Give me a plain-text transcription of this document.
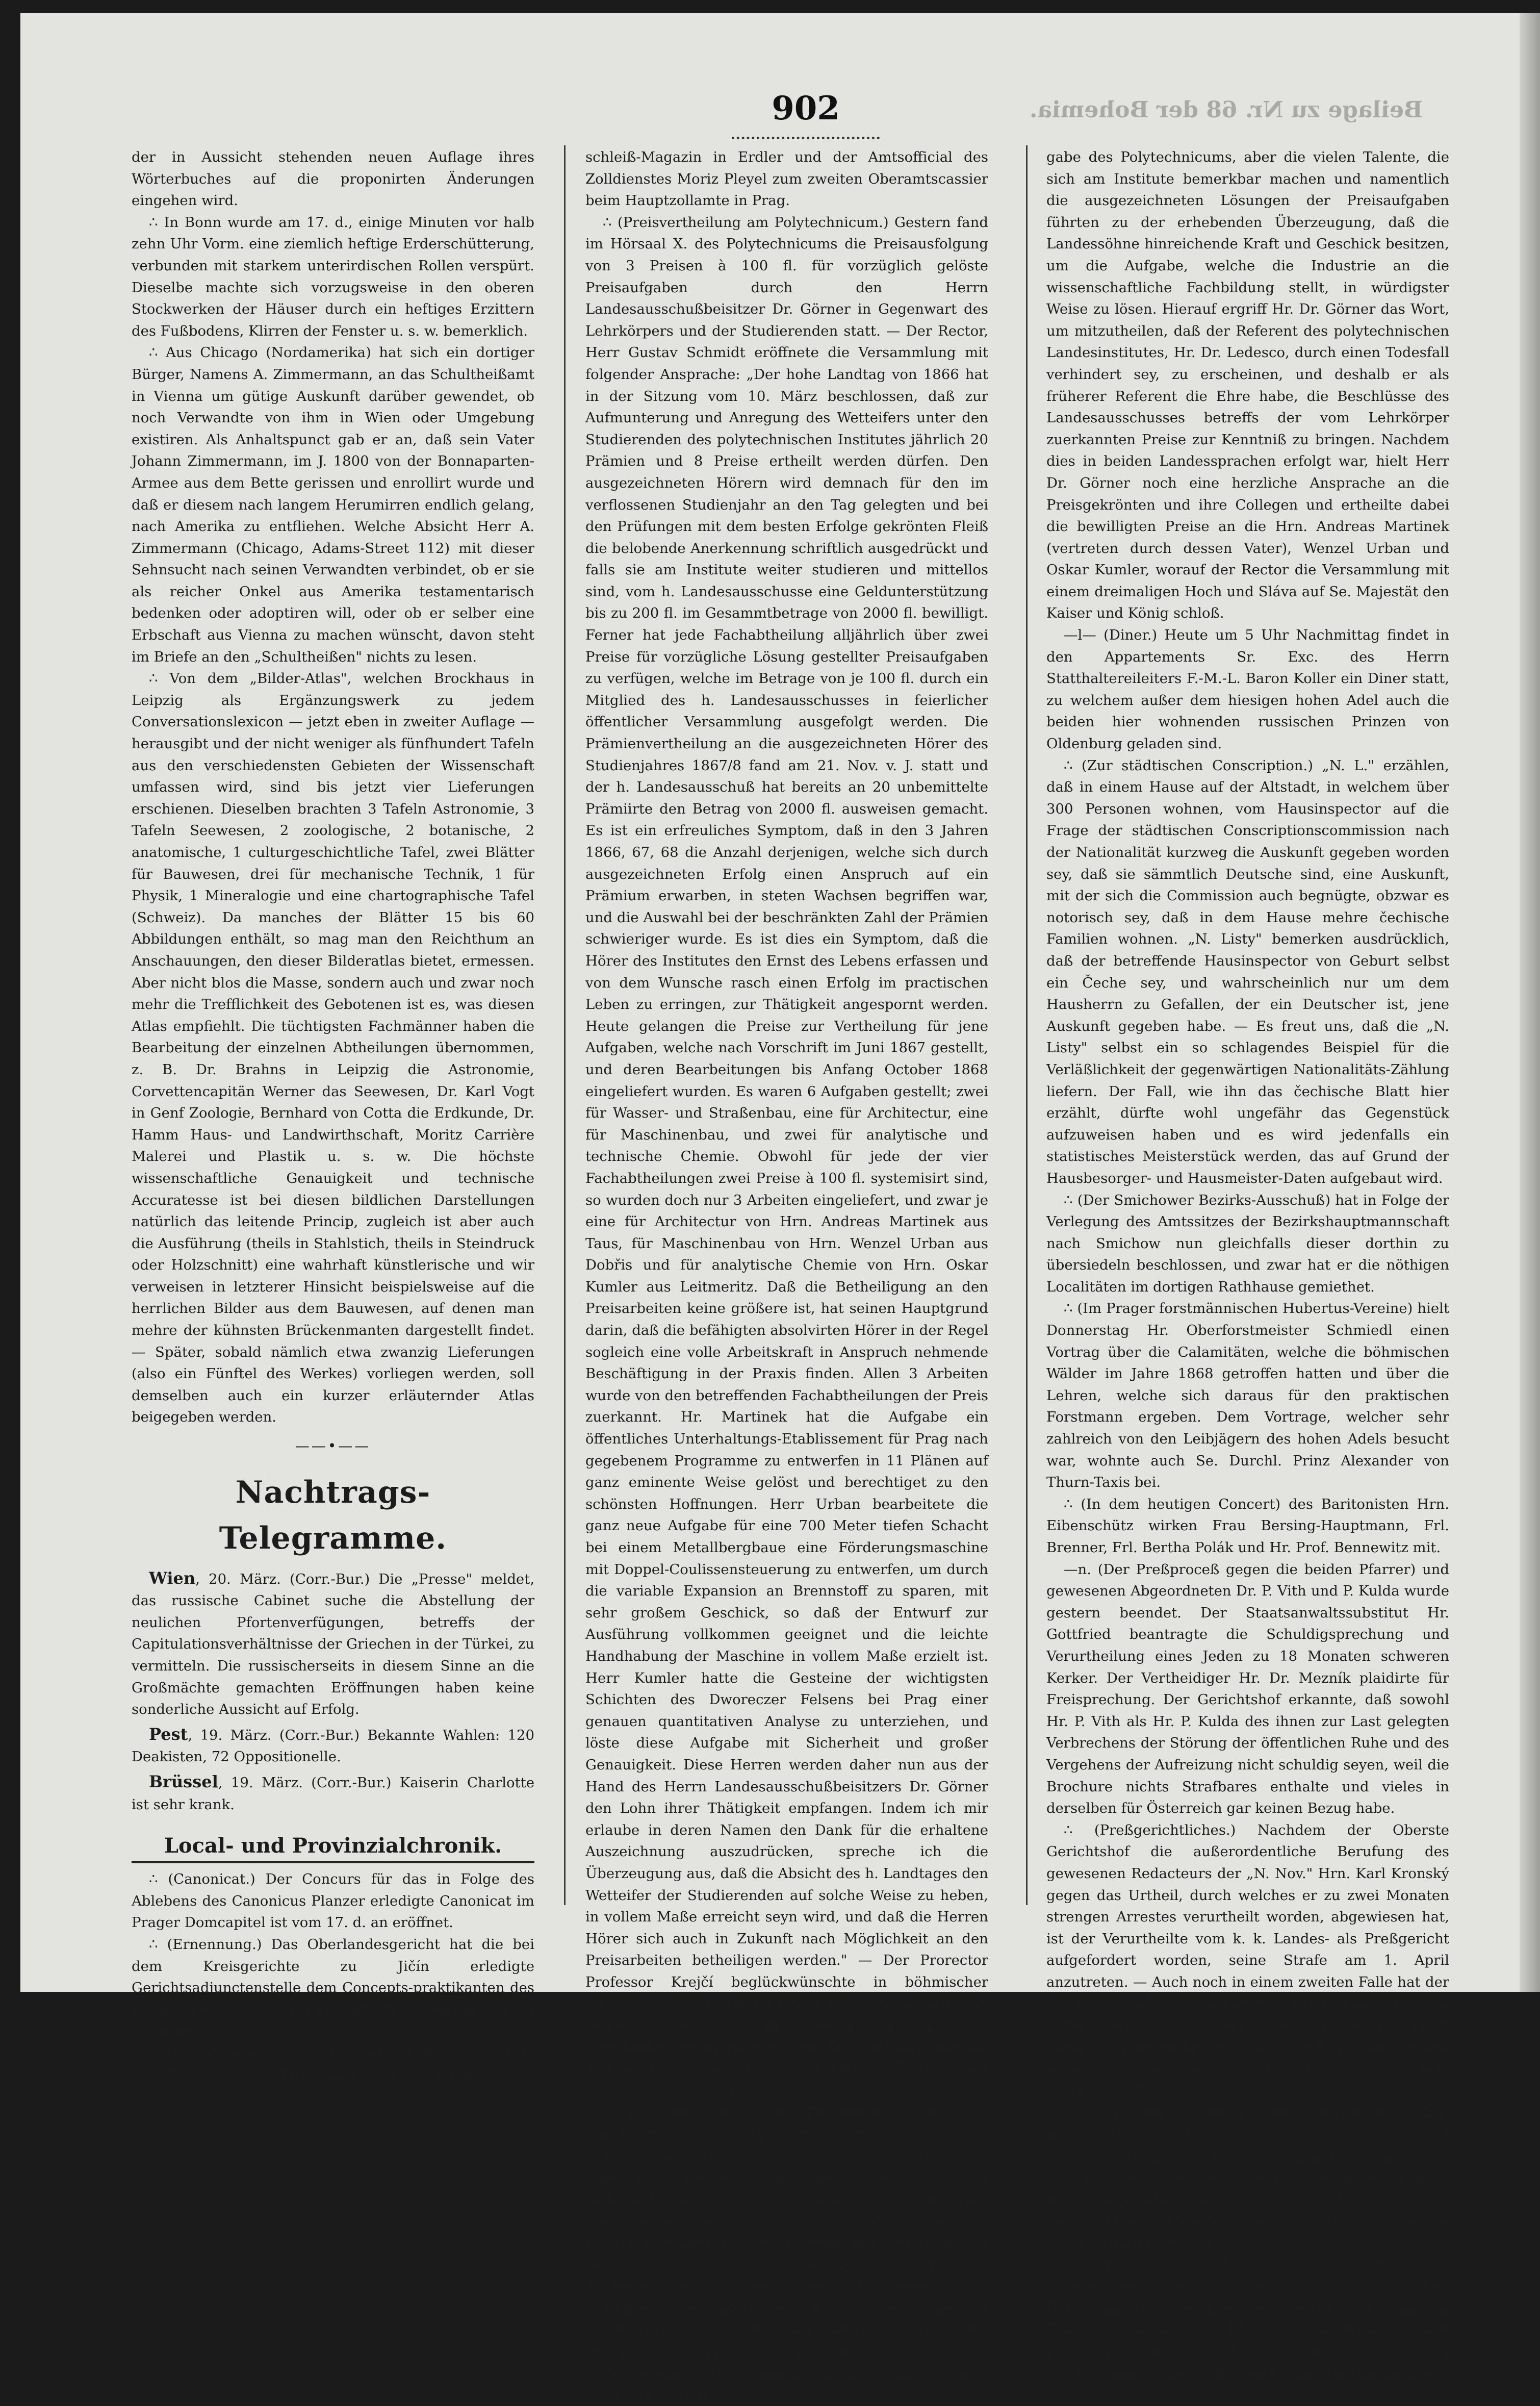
902	Beilage zu Nr. 68 der Bohemia.

der in Aussicht stehenden neuen Auflage ihres Wörterbuches auf die proponirten Änderungen eingehen wird.

∴ In Bonn wurde am 17. d., einige Minuten vor halb zehn Uhr Vorm. eine ziemlich heftige Erderschütterung, verbunden mit starkem unterirdischen Rollen verspürt. Dieselbe machte sich vorzugsweise in den oberen Stockwerken der Häuser durch ein heftiges Erzittern des Fußbodens, Klirren der Fenster u. s. w. bemerklich.

∴ Aus Chicago (Nordamerika) hat sich ein dortiger Bürger, Namens A. Zimmermann, an das Schultheißamt in Vienna um gütige Auskunft darüber gewendet, ob noch Verwandte von ihm in Wien oder Umgebung existiren. Als Anhaltspunct gab er an, daß sein Vater Johann Zimmermann, im J. 1800 von der Bonnaparten-Armee aus dem Bette gerissen und enrollirt wurde und daß er diesem nach langem Herumirren endlich gelang, nach Amerika zu entfliehen. Welche Absicht Herr A. Zimmermann (Chicago, Adams-Street 112) mit dieser Sehnsucht nach seinen Verwandten verbindet, ob er sie als reicher Onkel aus Amerika testamentarisch bedenken oder adoptiren will, oder ob er selber eine Erbschaft aus Vienna zu machen wünscht, davon steht im Briefe an den „Schultheißen" nichts zu lesen.

∴ Von dem „Bilder-Atlas", welchen Brockhaus in Leipzig als Ergänzungswerk zu jedem Conversationslexicon — jetzt eben in zweiter Auflage — herausgibt und der nicht weniger als fünfhundert Tafeln aus den verschiedensten Gebieten der Wissenschaft umfassen wird, sind bis jetzt vier Lieferungen erschienen. Dieselben brachten 3 Tafeln Astronomie, 3 Tafeln Seewesen, 2 zoologische, 2 botanische, 2 anatomische, 1 culturgeschichtliche Tafel, zwei Blätter für Bauwesen, drei für mechanische Technik, 1 für Physik, 1 Mineralogie und eine chartographische Tafel (Schweiz). Da manches der Blätter 15 bis 60 Abbildungen enthält, so mag man den Reichthum an Anschauungen, den dieser Bilderatlas bietet, ermessen. Aber nicht blos die Masse, sondern auch und zwar noch mehr die Trefflichkeit des Gebotenen ist es, was diesen Atlas empfiehlt. Die tüchtigsten Fachmänner haben die Bearbeitung der einzelnen Abtheilungen übernommen, z. B. Dr. Brahns in Leipzig die Astronomie, Corvettencapitän Werner das Seewesen, Dr. Karl Vogt in Genf Zoologie, Bernhard von Cotta die Erdkunde, Dr. Hamm Haus- und Landwirthschaft, Moritz Carrière Malerei und Plastik u. s. w. Die höchste wissenschaftliche Genauigkeit und technische Accuratesse ist bei diesen bildlichen Darstellungen natürlich das leitende Princip, zugleich ist aber auch die Ausführung (theils in Stahlstich, theils in Steindruck oder Holzschnitt) eine wahrhaft künstlerische und wir verweisen in letzterer Hinsicht beispielsweise auf die herrlichen Bilder aus dem Bauwesen, auf denen man mehre der kühnsten Brückenmanten dargestellt findet. — Später, sobald nämlich etwa zwanzig Lieferungen (also ein Fünftel des Werkes) vorliegen werden, soll demselben auch ein kurzer erläuternder Atlas beigegeben werden.

——•——
Nachtrags-Telegramme.

Wien, 20. März. (Corr.-Bur.) Die „Presse" meldet, das russische Cabinet suche die Abstellung der neulichen Pfortenverfügungen, betreffs der Capitulationsverhältnisse der Griechen in der Türkei, zu vermitteln. Die russischerseits in diesem Sinne an die Großmächte gemachten Eröffnungen haben keine sonderliche Aussicht auf Erfolg.

Pest, 19. März. (Corr.-Bur.) Bekannte Wahlen: 120 Deakisten, 72 Oppositionelle.

Brüssel, 19. März. (Corr.-Bur.) Kaiserin Charlotte ist sehr krank.

Local- und Provinzialchronik.

∴ (Canonicat.) Der Concurs für das in Folge des Ablebens des Canonicus Planzer erledigte Canonicat im Prager Domcapitel ist vom 17. d. an eröffnet.

∴ (Ernennung.) Das Oberlandesgericht hat die bei dem Kreisgerichte zu Jičín erledigte Gerichtsadjunctenstelle dem Concepts-praktikanten des Magistrates der k. Hauptstadt Prag Johann Chlum verliehen.

∴ Der ungarische Steuereinnehmer Bruno Clement zum Controlor beim Tabak- und Stempelmarkenver-

schleiß-Magazin in Erdler und der Amtsofficial des Zolldienstes Moriz Pleyel zum zweiten Oberamtscassier beim Hauptzollamte in Prag.

∴ (Preisvertheilung am Polytechnicum.) Gestern fand im Hörsaal X. des Polytechnicums die Preisausfolgung von 3 Preisen à 100 fl. für vorzüglich gelöste Preisaufgaben durch den Herrn Landesausschußbeisitzer Dr. Görner in Gegenwart des Lehrkörpers und der Studierenden statt. — Der Rector, Herr Gustav Schmidt eröffnete die Versammlung mit folgender Ansprache: „Der hohe Landtag von 1866 hat in der Sitzung vom 10. März beschlossen, daß zur Aufmunterung und Anregung des Wetteifers unter den Studierenden des polytechnischen Institutes jährlich 20 Prämien und 8 Preise ertheilt werden dürfen. Den ausgezeichneten Hörern wird demnach für den im verflossenen Studienjahr an den Tag gelegten und bei den Prüfungen mit dem besten Erfolge gekrönten Fleiß die belobende Anerkennung schriftlich ausgedrückt und falls sie am Institute weiter studieren und mittellos sind, vom h. Landesausschusse eine Geldunterstützung bis zu 200 fl. im Gesammtbetrage von 2000 fl. bewilligt. Ferner hat jede Fachabtheilung alljährlich über zwei Preise für vorzügliche Lösung gestellter Preisaufgaben zu verfügen, welche im Betrage von je 100 fl. durch ein Mitglied des h. Landesausschusses in feierlicher öffentlicher Versammlung ausgefolgt werden. Die Prämienvertheilung an die ausgezeichneten Hörer des Studienjahres 1867/8 fand am 21. Nov. v. J. statt und der h. Landesausschuß hat bereits an 20 unbemittelte Prämiirte den Betrag von 2000 fl. ausweisen gemacht. Es ist ein erfreuliches Symptom, daß in den 3 Jahren 1866, 67, 68 die Anzahl derjenigen, welche sich durch ausgezeichneten Erfolg einen Anspruch auf ein Prämium erwarben, in steten Wachsen begriffen war, und die Auswahl bei der beschränkten Zahl der Prämien schwieriger wurde. Es ist dies ein Symptom, daß die Hörer des Institutes den Ernst des Lebens erfassen und von dem Wunsche rasch einen Erfolg im practischen Leben zu erringen, zur Thätigkeit angespornt werden. Heute gelangen die Preise zur Vertheilung für jene Aufgaben, welche nach Vorschrift im Juni 1867 gestellt, und deren Bearbeitungen bis Anfang October 1868 eingeliefert wurden. Es waren 6 Aufgaben gestellt; zwei für Wasser- und Straßenbau, eine für Architectur, eine für Maschinenbau, und zwei für analytische und technische Chemie. Obwohl für jede der vier Fachabtheilungen zwei Preise à 100 fl. systemisirt sind, so wurden doch nur 3 Arbeiten eingeliefert, und zwar je eine für Architectur von Hrn. Andreas Martinek aus Taus, für Maschinenbau von Hrn. Wenzel Urban aus Dobřis und für analytische Chemie von Hrn. Oskar Kumler aus Leitmeritz. Daß die Betheiligung an den Preisarbeiten keine größere ist, hat seinen Hauptgrund darin, daß die befähigten absolvirten Hörer in der Regel sogleich eine volle Arbeitskraft in Anspruch nehmende Beschäftigung in der Praxis finden. Allen 3 Arbeiten wurde von den betreffenden Fachabtheilungen der Preis zuerkannt. Hr. Martinek hat die Aufgabe ein öffentliches Unterhaltungs-Etablissement für Prag nach gegebenem Programme zu entwerfen in 11 Plänen auf ganz eminente Weise gelöst und berechtiget zu den schönsten Hoffnungen. Herr Urban bearbeitete die ganz neue Aufgabe für eine 700 Meter tiefen Schacht bei einem Metallbergbaue eine Förderungsmaschine mit Doppel-Coulissensteuerung zu entwerfen, um durch die variable Expansion an Brennstoff zu sparen, mit sehr großem Geschick, so daß der Entwurf zur Ausführung vollkommen geeignet und die leichte Handhabung der Maschine in vollem Maße erzielt ist. Herr Kumler hatte die Gesteine der wichtigsten Schichten des Dworeczer Felsens bei Prag einer genauen quantitativen Analyse zu unterziehen, und löste diese Aufgabe mit Sicherheit und großer Genauigkeit. Diese Herren werden daher nun aus der Hand des Herrn Landesausschußbeisitzers Dr. Görner den Lohn ihrer Thätigkeit empfangen. Indem ich mir erlaube in deren Namen den Dank für die erhaltene Auszeichnung auszudrücken, spreche ich die Überzeugung aus, daß die Absicht des h. Landtages den Wetteifer der Studierenden auf solche Weise zu heben, in vollem Maße erreicht seyn wird, und daß die Herren Hörer sich auch in Zukunft nach Möglichkeit an den Preisarbeiten betheiligen werden." — Der Prorector Professor Krejčí beglückwünschte in böhmischer Sprache die Preisbewerber und munterte sie auf, den betretenen Weg zur Ehre des Instituts und des Vaterlandes weiter zu verfolgen. Er führte aus, wie das polytechnische Institut schon in früheren Zeiten unter ungünstigeren Verhältnissen eine große Reihe ausgezeichneter technischer Fachmänner aussendete, und wie nun nach erfolgter Organisirung des Institutes auf erweiterter wissenschaftlicher Basis, die Einwirkung desselben auf den Aufschwung der technischen Arbeiten und der Industrie noch intensiver und segensreicher seyn könne. Der gute Ruf, den die Prager Techniker bei den Eisenbahnen genießen, der Antheil, den sie auf den Aufschwung der einheimischen Zuckerfabrication, des Eisenhüttenwesens, des Maschinenbaues haben, berechtige zu den schönsten Hoffnungen, und namentlich seyen es auch die Architektur-Zöglinge, von denen man eine Belebung des architektonischen Geschmackes im Vaterlande erwarte. Groß und würdig sey die Auf-

gabe des Polytechnicums, aber die vielen Talente, die sich am Institute bemerkbar machen und namentlich die ausgezeichneten Lösungen der Preisaufgaben führten zu der erhebenden Überzeugung, daß die Landessöhne hinreichende Kraft und Geschick besitzen, um die Aufgabe, welche die Industrie an die wissenschaftliche Fachbildung stellt, in würdigster Weise zu lösen. Hierauf ergriff Hr. Dr. Görner das Wort, um mitzutheilen, daß der Referent des polytechnischen Landesinstitutes, Hr. Dr. Ledesco, durch einen Todesfall verhindert sey, zu erscheinen, und deshalb er als früherer Referent die Ehre habe, die Beschlüsse des Landesausschusses betreffs der vom Lehrkörper zuerkannten Preise zur Kenntniß zu bringen. Nachdem dies in beiden Landessprachen erfolgt war, hielt Herr Dr. Görner noch eine herzliche Ansprache an die Preisgekrönten und ihre Collegen und ertheilte dabei die bewilligten Preise an die Hrn. Andreas Martinek (vertreten durch dessen Vater), Wenzel Urban und Oskar Kumler, worauf der Rector die Versammlung mit einem dreimaligen Hoch und Sláva auf Se. Majestät den Kaiser und König schloß.

—l— (Diner.) Heute um 5 Uhr Nachmittag findet in den Appartements Sr. Exc. des Herrn Statthaltereileiters F.-M.-L. Baron Koller ein Diner statt, zu welchem außer dem hiesigen hohen Adel auch die beiden hier wohnenden russischen Prinzen von Oldenburg geladen sind.

∴ (Zur städtischen Conscription.) „N. L." erzählen, daß in einem Hause auf der Altstadt, in welchem über 300 Personen wohnen, vom Hausinspector auf die Frage der städtischen Conscriptionscommission nach der Nationalität kurzweg die Auskunft gegeben worden sey, daß sie sämmtlich Deutsche sind, eine Auskunft, mit der sich die Commission auch begnügte, obzwar es notorisch sey, daß in dem Hause mehre čechische Familien wohnen. „N. Listy" bemerken ausdrücklich, daß der betreffende Hausinspector von Geburt selbst ein Čeche sey, und wahrscheinlich nur um dem Hausherrn zu Gefallen, der ein Deutscher ist, jene Auskunft gegeben habe. — Es freut uns, daß die „N. Listy" selbst ein so schlagendes Beispiel für die Verläßlichkeit der gegenwärtigen Nationalitäts-Zählung liefern. Der Fall, wie ihn das čechische Blatt hier erzählt, dürfte wohl ungefähr das Gegenstück aufzuweisen haben und es wird jedenfalls ein statistisches Meisterstück werden, das auf Grund der Hausbesorger- und Hausmeister-Daten aufgebaut wird.

∴ (Der Smichower Bezirks-Ausschuß) hat in Folge der Verlegung des Amtssitzes der Bezirkshauptmannschaft nach Smichow nun gleichfalls dieser dorthin zu übersiedeln beschlossen, und zwar hat er die nöthigen Localitäten im dortigen Rathhause gemiethet.

∴ (Im Prager forstmännischen Hubertus-Vereine) hielt Donnerstag Hr. Oberforstmeister Schmiedl einen Vortrag über die Calamitäten, welche die böhmischen Wälder im Jahre 1868 getroffen hatten und über die Lehren, welche sich daraus für den praktischen Forstmann ergeben. Dem Vortrage, welcher sehr zahlreich von den Leibjägern des hohen Adels besucht war, wohnte auch Se. Durchl. Prinz Alexander von Thurn-Taxis bei.

∴ (In dem heutigen Concert) des Baritonisten Hrn. Eibenschütz wirken Frau Bersing-Hauptmann, Frl. Brenner, Frl. Bertha Polák und Hr. Prof. Bennewitz mit.

—n. (Der Preßproceß gegen die beiden Pfarrer) und gewesenen Abgeordneten Dr. P. Vith und P. Kulda wurde gestern beendet. Der Staatsanwaltssubstitut Hr. Gottfried beantragte die Schuldigsprechung und Verurtheilung eines Jeden zu 18 Monaten schweren Kerker. Der Vertheidiger Hr. Dr. Mezník plaidirte für Freisprechung. Der Gerichtshof erkannte, daß sowohl Hr. P. Vith als Hr. P. Kulda des ihnen zur Last gelegten Verbrechens der Störung der öffentlichen Ruhe und des Vergehens der Aufreizung nicht schuldig seyen, weil die Brochure nichts Strafbares enthalte und vieles in derselben für Österreich gar keinen Bezug habe.

∴ (Preßgerichtliches.) Nachdem der Oberste Gerichtshof die außerordentliche Berufung des gewesenen Redacteurs der „N. Nov." Hrn. Karl Kronský gegen das Urtheil, durch welches er zu zwei Monaten strengen Arrestes verurtheilt worden, abgewiesen hat, ist der Verurtheilte vom k. k. Landes- als Preßgericht aufgefordert worden, seine Strafe am 1. April anzutreten. — Auch noch in einem zweiten Falle hat der Oberste Gerichtshof die von Hrn. Kronský eingebrachte außerordentliche Berufung verworfen und das auf 6 Monate schweren Kerker nebst 300 fl. Cautionsverlust lautende Urtheil bestätigt. Die neulich von einem hiesigen Blatte gebrachte Nachricht, daß der Oberste Gerichtshof das Erkenntniß des Oberlandesgerichts, womit Hr. Ignaz Schick wegen des in der „Correspondenz" erschienenen „Landtagsständeleien" zu 4 Monaten Arrest verurtheilt wurde, bestätigt habe, war unbegründet; wie die „Pr. Ztg." nunmehr meldet, hat der Oberste Gerichtshof im Gegentheil Hrn. Schick „nicht schuldig" erklärt.

∴ (Gutsfeilbietung.) Da sich bei der am 10. d. abgehaltenen zweiten Tagfahrt zur executiven Feilbietung des den Eheleuten Joseph und Franciska Teschel gehörigen landtäflichen Gutes Střednice kein Kauflustiger gemeldet hat, so verbleibt es bei der am 15. April angeordneten dritten Feilbietungstagsatzung.
